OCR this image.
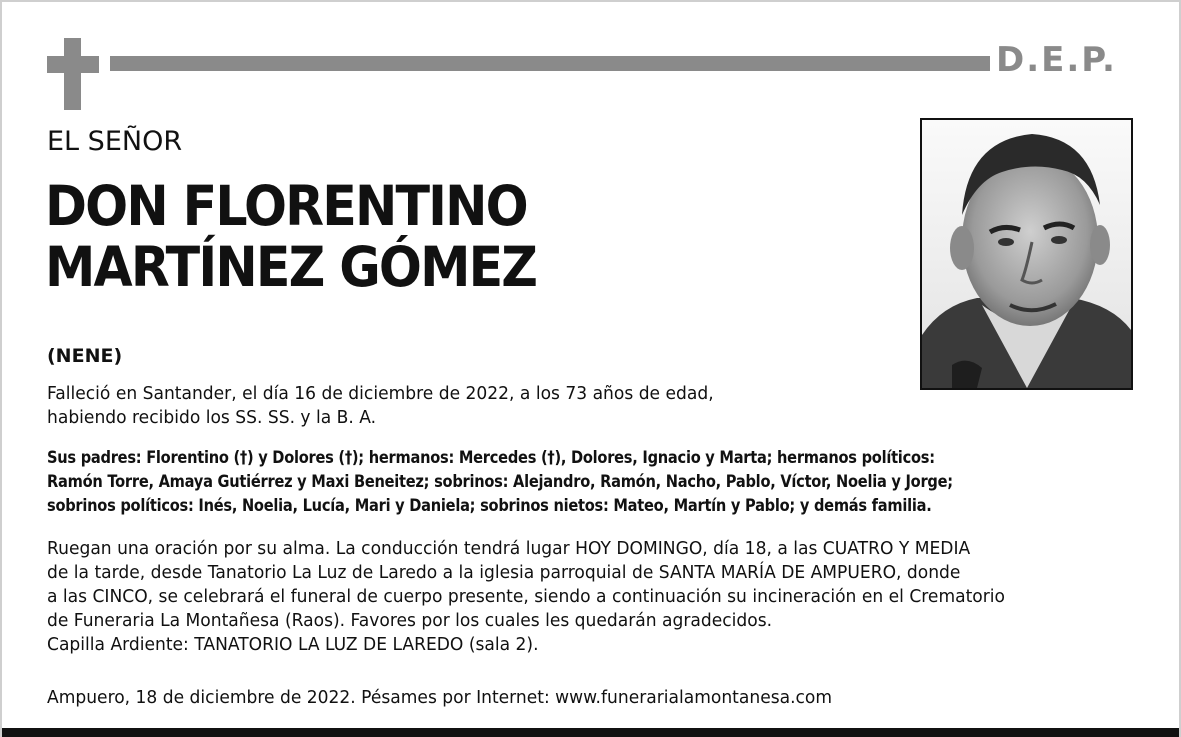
D.E.P.
EL SEÑOR
DON FLORENTINO
MARTÍNEZ GÓMEZ
(NENE)
Falleció en Santander, el día 16 de diciembre de 2022, a los 73 años de edad,
habiendo recibido los SS. SS. y la B. A.
Sus padres: Florentino (†) y Dolores (†); hermanos: Mercedes (†), Dolores, Ignacio y Marta; hermanos políticos:
Ramón Torre, Amaya Gutiérrez y Maxi Beneitez; sobrinos: Alejandro, Ramón, Nacho, Pablo, Víctor, Noelia y Jorge;
sobrinos políticos: Inés, Noelia, Lucía, Mari y Daniela; sobrinos nietos: Mateo, Martín y Pablo; y demás familia.
Ruegan una oración por su alma. La conducción tendrá lugar HOY DOMINGO, día 18, a las CUATRO Y MEDIA
de la tarde, desde Tanatorio La Luz de Laredo a la iglesia parroquial de SANTA MARÍA DE AMPUERO, donde
a las CINCO, se celebrará el funeral de cuerpo presente, siendo a continuación su incineración en el Crematorio
de Funeraria La Montañesa (Raos). Favores por los cuales les quedarán agradecidos.
Capilla Ardiente: TANATORIO LA LUZ DE LAREDO (sala 2).
Ampuero, 18 de diciembre de 2022. Pésames por Internet: www.funerarialamontanesa.com
